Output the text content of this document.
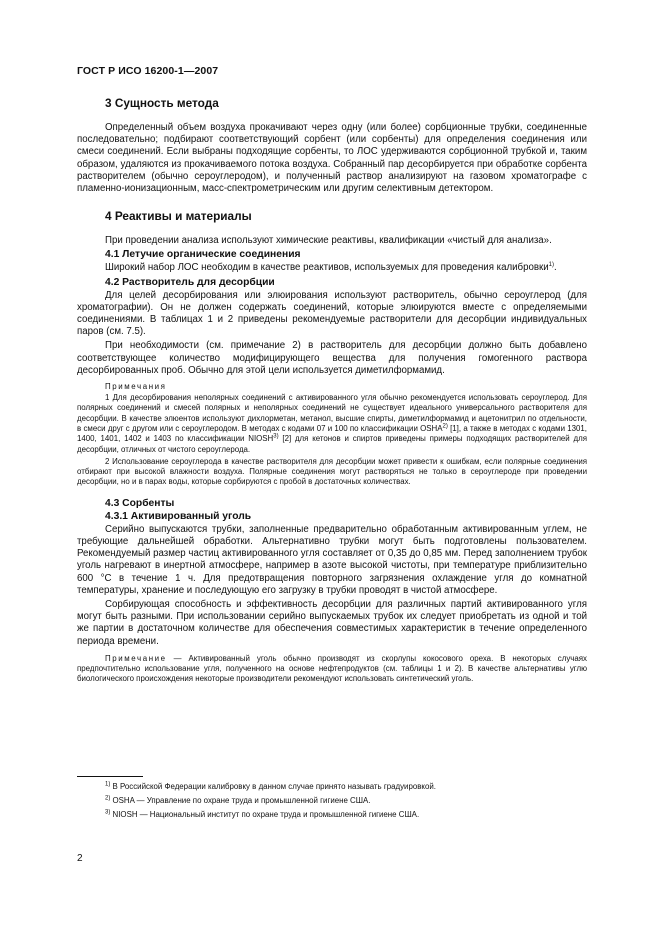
ГОСТ Р ИСО 16200-1—2007
3 Сущность метода

Определенный объем воздуха прокачивают через одну (или более) сорбционные трубки, соединенные последовательно; подбирают соответствующий сорбент (или сорбенты) для определения соединения или смеси соединений. Если выбраны подходящие сорбенты, то ЛОС удерживаются сорбционной трубкой и, таким образом, удаляются из прокачиваемого потока воздуха. Собранный пар десорбируется при обработке сорбента растворителем (обычно сероуглеродом), и полученный раствор анализируют на газовом хроматографе с пламенно-ионизационным, масс-спектрометрическим или другим селективным детектором.

4 Реактивы и материалы

При проведении анализа используют химические реактивы, квалификации «чистый для анализа».

4.1 Летучие органические соединения

Широкий набор ЛОС необходим в качестве реактивов, используемых для проведения калибровки$^{1)}$.

4.2 Растворитель для десорбции

Для целей десорбирования или элюирования используют растворитель, обычно сероуглерод (для хроматографии). Он не должен содержать соединений, которые элюируются вместе с определяемыми соединениями. В таблицах 1 и 2 приведены рекомендуемые растворители для десорбции индивидуальных паров (см. 7.5).

При необходимости (см. примечание 2) в растворитель для десорбции должно быть добавлено соответствующее количество модифицирующего вещества для получения гомогенного раствора десорбированных проб. Обычно для этой цели используется диметилформамид.

Примечания

1 Для десорбирования неполярных соединений с активированного угля обычно рекомендуется использовать сероуглерод. Для полярных соединений и смесей полярных и неполярных соединений не существует идеального универсального растворителя для десорбции. В качестве элюентов используют дихлорметан, метанол, высшие спирты, диметилформамид и ацетонитрил по отдельности, в смеси друг с другом или с сероуглеродом. В методах с кодами 07 и 100 по классификации OSHA$^{2)}$ [1], а также в методах с кодами 1301, 1400, 1401, 1402 и 1403 по классификации NIOSH$^{3)}$ [2] для кетонов и спиртов приведены примеры подходящих растворителей для десорбции, отличных от чистого сероуглерода.

2 Использование сероуглерода в качестве растворителя для десорбции может привести к ошибкам, если полярные соединения отбирают при высокой влажности воздуха. Полярные соединения могут растворяться не только в сероуглероде при проведении десорбции, но и в парах воды, которые сорбируются с пробой в достаточных количествах.

4.3 Сорбенты
4.3.1 Активированный уголь

Серийно выпускаются трубки, заполненные предварительно обработанным активированным углем, не требующие дальнейшей обработки. Альтернативно трубки могут быть подготовлены пользователем. Рекомендуемый размер частиц активированного угля составляет от 0,35 до 0,85 мм. Перед заполнением трубок уголь нагревают в инертной атмосфере, например в азоте высокой чистоты, при температуре приблизительно 600 °С в течение 1 ч. Для предотвращения повторного загрязнения охлаждение угля до комнатной температуры, хранение и последующую его загрузку в трубки проводят в чистой атмосфере.

Сорбирующая способность и эффективность десорбции для различных партий активированного угля могут быть разными. При использовании серийно выпускаемых трубок их следует приобретать из одной и той же партии в достаточном количестве для обеспечения совместимых характеристик в течение определенного периода времени.

Примечание — Активированный уголь обычно производят из скорлупы кокосового ореха. В некоторых случаях предпочтительно использование угля, полученного на основе нефтепродуктов (см. таблицы 1 и 2). В качестве альтернативы углю биологического происхождения некоторые производители рекомендуют использовать синтетический уголь.

$^{1)}$ В Российской Федерации калибровку в данном случае принято называть градуировкой.
$^{2)}$ OSHA — Управление по охране труда и промышленной гигиене США.
$^{3)}$ NIOSH — Национальный институт по охране труда и промышленной гигиене США.
2
